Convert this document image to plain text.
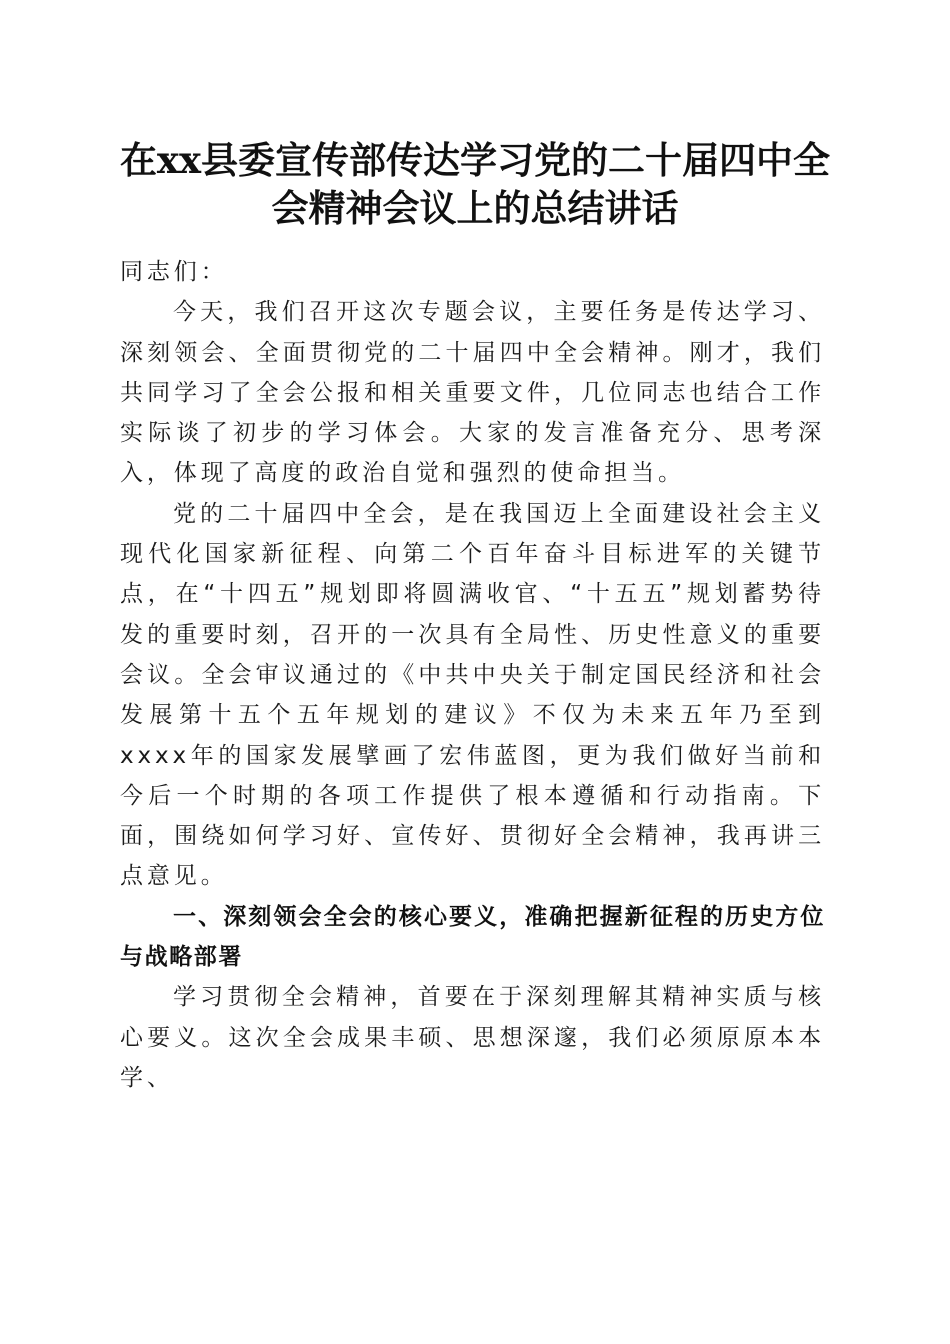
在xx县委宣传部传达学习党的二十届四中全会精神会议上的总结讲话

同志们：

今天，我们召开这次专题会议，主要任务是传达学习、深刻领会、全面贯彻党的二十届四中全会精神。刚才，我们共同学习了全会公报和相关重要文件，几位同志也结合工作实际谈了初步的学习体会。大家的发言准备充分、思考深入，体现了高度的政治自觉和强烈的使命担当。

党的二十届四中全会，是在我国迈上全面建设社会主义现代化国家新征程、向第二个百年奋斗目标进军的关键节点，在“十四五”规划即将圆满收官、“十五五”规划蓄势待发的重要时刻，召开的一次具有全局性、历史性意义的重要会议。全会审议通过的《中共中央关于制定国民经济和社会发展第十五个五年规划的建议》不仅为未来五年乃至到xxxx年的国家发展擘画了宏伟蓝图，更为我们做好当前和今后一个时期的各项工作提供了根本遵循和行动指南。下面，围绕如何学习好、宣传好、贯彻好全会精神，我再讲三点意见。

一、深刻领会全会的核心要义，准确把握新征程的历史方位与战略部署

学习贯彻全会精神，首要在于深刻理解其精神实质与核心要义。这次全会成果丰硕、思想深邃，我们必须原原本本学、
